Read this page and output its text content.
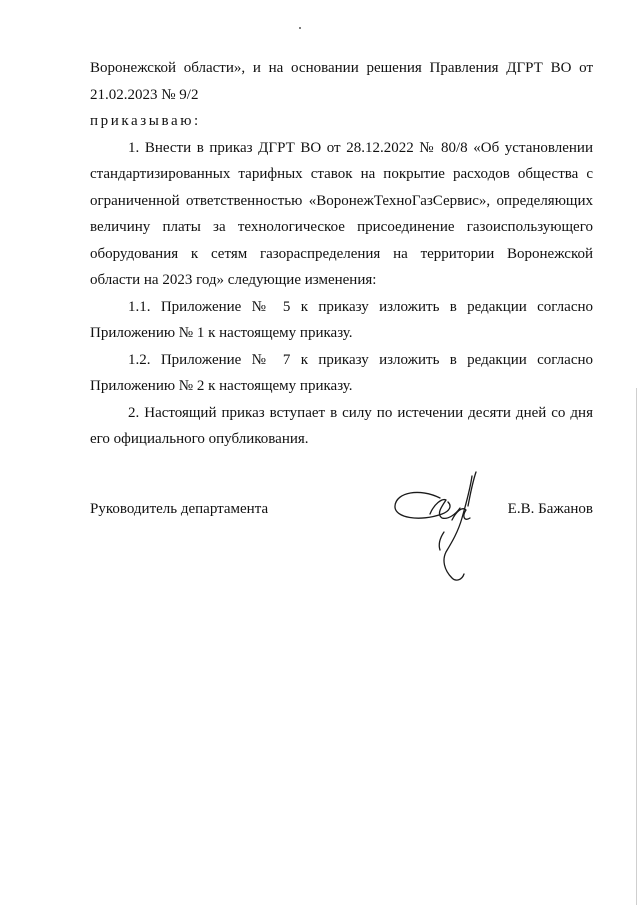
Воронежской области», и на основании решения Правления ДГРТ ВО от

21.02.2023 № 9/2

приказываю:

1. Внести в приказ ДГРТ ВО от 28.12.2022 № 80/8 «Об установлении

стандартизированных тарифных ставок на покрытие расходов общества с

ограниченной ответственностью «ВоронежТехноГазСервис», определяющих

величину платы за технологическое присоединение газоиспользующего

оборудования к сетям газораспределения на территории Воронежской

области на 2023 год» следующие изменения:

1.1. Приложение № 5 к приказу изложить в редакции согласно

Приложению № 1 к настоящему приказу.

1.2. Приложение № 7 к приказу изложить в редакции согласно

Приложению № 2 к настоящему приказу.

2. Настоящий приказ вступает в силу по истечении десяти дней со дня

его официального опубликования.

Руководитель департамента	Е.В. Бажанов
